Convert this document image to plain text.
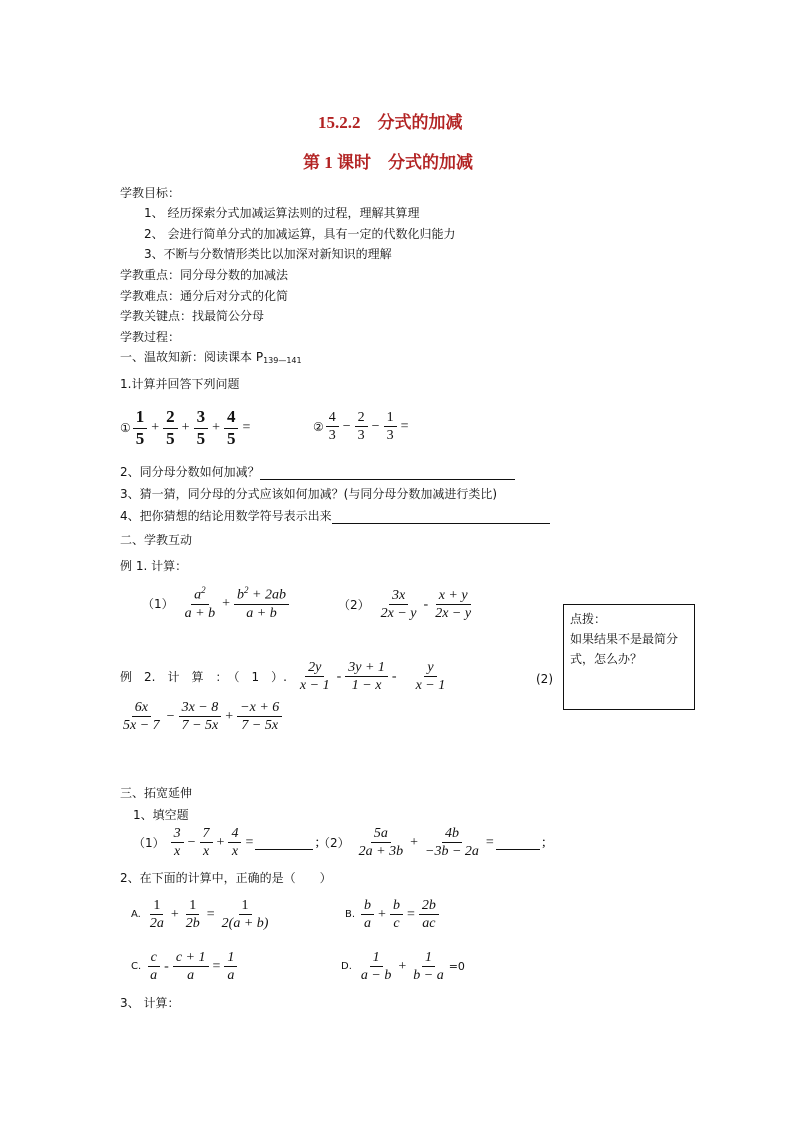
15.2.2　分式的加减
第 1 课时　分式的加减
学教目标：
1、 经历探索分式加减运算法则的过程，理解其算理
2、 会进行简单分式的加减运算，具有一定的代数化归能力
3、不断与分数情形类比以加深对新知识的理解
学教重点：同分母分数的加减法
学教难点：通分后对分式的化简
学教关键点：找最简公分母
学教过程：
一、温故知新：阅读课本 $P_{139—141}$
1.计算并回答下列问题
① $\frac{1}{5} + \frac{2}{5} + \frac{3}{5} + \frac{4}{5}$ =	② $\frac{4}{3} - \frac{2}{3} - \frac{1}{3}$ =
2、同分母分数如何加减？
3、猜一猜，同分母的分式应该如何加减？(与同分母分数加减进行类比)
4、把你猜想的结论用数学符号表示出来
二、学教互动
例 1. 计算：
$(1) \frac{a^2}{a + b} + \frac{b^2 + 2ab}{a + b}$	$(2) \frac{3x}{2x - y} - \frac{x + y}{2x - y}$	点拨：
如果结果不是最简分式，怎么办？
例　2.　计　算　：　（　1　）. $\frac{2y}{x - 1} - \frac{3y + 1}{1 - x} - \frac{y}{x - 1}$	(2)
$\frac{6x}{5x - 7} - \frac{3x - 8}{7 - 5x} + \frac{-x + 6}{7 - 5x}$
三、拓宽延伸
1、填空题
$(1) \frac{3}{x} - \frac{7}{x} + \frac{4}{x}$ =	;
$(2) \frac{5a}{2a + 3b} + \frac{4b}{-3b - 2a}$ =	;
2、在下面的计算中，正确的是（　　）
A. $\frac{1}{2a} + \frac{1}{2b} = \frac{1}{2(a + b)}$	B. $\frac{b}{a} + \frac{b}{c} = \frac{2b}{ac}$
C. $\frac{c}{a} - \frac{c + 1}{a} = \frac{1}{a}$	D. $\frac{1}{a - b} + \frac{1}{b - a} =0$
3、 计算：
